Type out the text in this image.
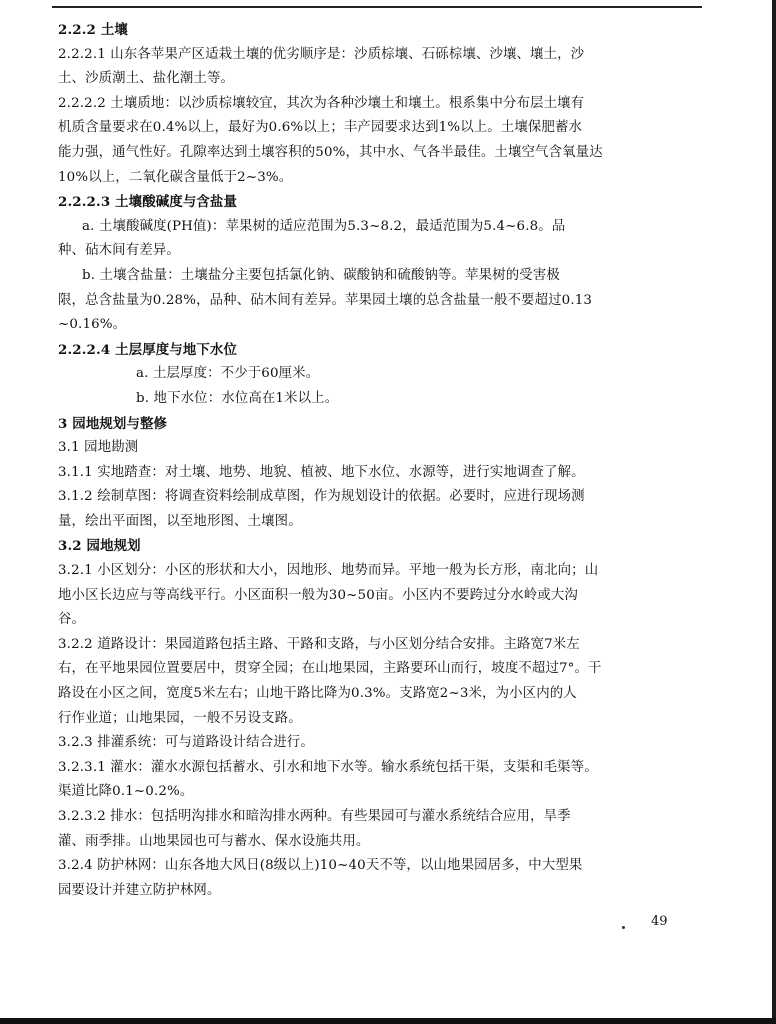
2.2.2 土壤
2.2.2.1 山东各苹果产区适栽土壤的优劣顺序是：沙质棕壤、石砾棕壤、沙壤、壤土，沙
土、沙质潮土、盐化潮土等。
2.2.2.2 土壤质地：以沙质棕壤较宜，其次为各种沙壤土和壤土。根系集中分布层土壤有
机质含量要求在0.4%以上，最好为0.6%以上；丰产园要求达到1%以上。土壤保肥蓄水
能力强，通气性好。孔隙率达到土壤容积的50%，其中水、气各半最佳。土壤空气含氧量达
10%以上，二氧化碳含量低于2~3%。
2.2.2.3 土壤酸碱度与含盐量
a. 土壤酸碱度(PH值)：苹果树的适应范围为5.3~8.2，最适范围为5.4~6.8。品
种、砧木间有差异。
b. 土壤含盐量：土壤盐分主要包括氯化钠、碳酸钠和硫酸钠等。苹果树的受害极
限，总含盐量为0.28%，品种、砧木间有差异。苹果园土壤的总含盐量一般不要超过0.13
~0.16%。
2.2.2.4 土层厚度与地下水位
a. 土层厚度：不少于60厘米。
b. 地下水位：水位高在1米以上。
3 园地规划与整修
3.1 园地勘测
3.1.1 实地踏查：对土壤、地势、地貌、植被、地下水位、水源等，进行实地调查了解。
3.1.2 绘制草图：将调查资料绘制成草图，作为规划设计的依据。必要时，应进行现场测
量，绘出平面图，以至地形图、土壤图。
3.2 园地规划
3.2.1 小区划分：小区的形状和大小，因地形、地势而异。平地一般为长方形，南北向；山
地小区长边应与等高线平行。小区面积一般为30~50亩。小区内不要跨过分水岭或大沟
谷。
3.2.2 道路设计：果园道路包括主路、干路和支路，与小区划分结合安排。主路宽7米左
右，在平地果园位置要居中，贯穿全园；在山地果园，主路要环山而行，坡度不超过7°。干
路设在小区之间，宽度5米左右；山地干路比降为0.3%。支路宽2~3米，为小区内的人
行作业道；山地果园，一般不另设支路。
3.2.3 排灌系统：可与道路设计结合进行。
3.2.3.1 灌水：灌水水源包括蓄水、引水和地下水等。输水系统包括干渠，支渠和毛渠等。
渠道比降0.1~0.2%。
3.2.3.2 排水：包括明沟排水和暗沟排水两种。有些果园可与灌水系统结合应用，旱季
灌、雨季排。山地果园也可与蓄水、保水设施共用。
3.2.4 防护林网：山东各地大风日(8级以上)10~40天不等，以山地果园居多，中大型果
园要设计并建立防护林网。
49
